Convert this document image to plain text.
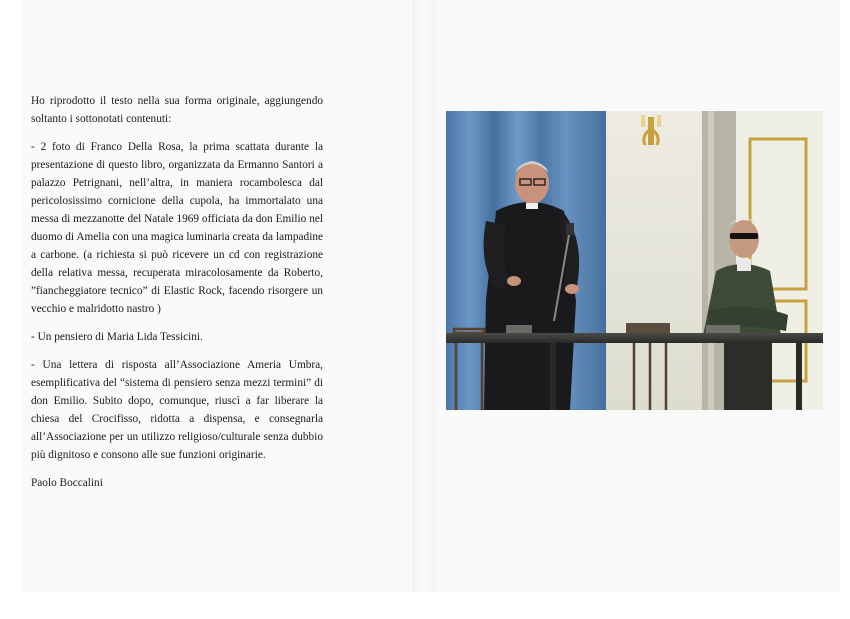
Ho riprodotto il testo nella sua forma originale, aggiungendo soltanto i sottonotati contenuti:

- 2 foto di Franco Della Rosa, la prima scattata durante la presentazione di questo libro, organizzata da Ermanno Santori a palazzo Petrignani, nell’altra, in maniera rocambolesca dal pericolosissimo cornicione della cupola, ha immortalato una messa di mezzanotte del Natale 1969 officiata da don Emilio nel duomo di Amelia con una magica luminaria creata da lampadine a carbone. (a richiesta si può ricevere un cd con registrazione della relativa messa, recuperata miracolosamente da Roberto, ”fiancheggiatore tecnico” di Elastic Rock, facendo risorgere un vecchio e malridotto nastro )

- Un pensiero di Maria Lida Tessicini.

- Una lettera di risposta all’Associazione Ameria Umbra, esemplificativa del “sistema di pensiero senza mezzi termini” di don Emilio. Subito dopo, comunque, riuscì a far liberare la chiesa del Crocifisso, ridotta a dispensa, e consegnarla all’Associazione per un utilizzo religioso/culturale senza dubbio più dignitoso e consono alle sue funzioni originarie.

Paolo Boccalini
